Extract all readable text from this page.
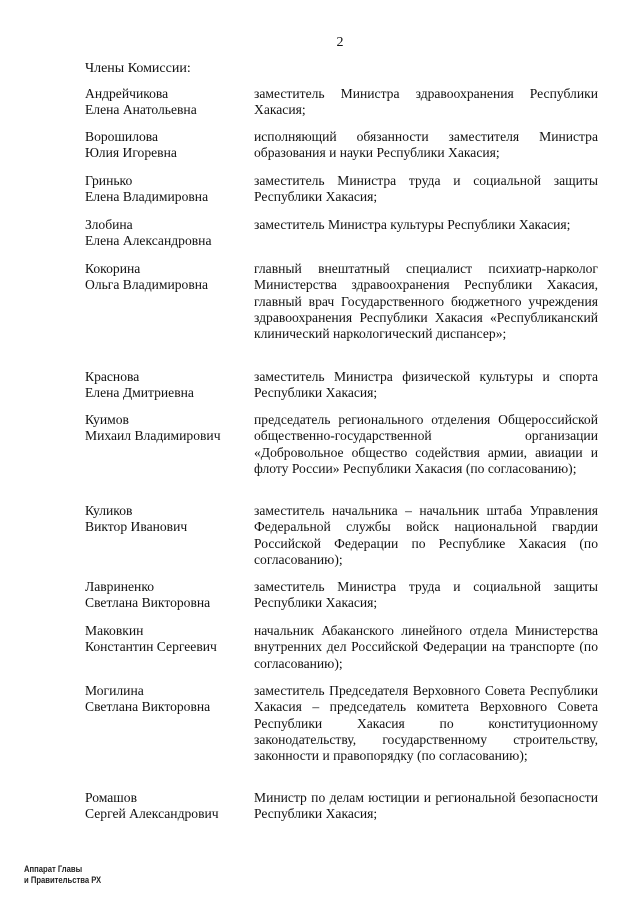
2
Члены Комиссии:
Андрейчикова
Елена Анатольевна
заместитель Министра здравоохранения Республики Хакасия;
Ворошилова
Юлия Игоревна
исполняющий обязанности заместителя Министра образования и науки Республики Хакасия;
Гринько
Елена Владимировна
заместитель Министра труда и социальной защиты Республики Хакасия;
Злобина
Елена Александровна
заместитель Министра культуры Республики Хакасия;
Кокорина
Ольга Владимировна
главный внештатный специалист психиатр-нарколог Министерства здравоохранения Республики Хакасия, главный врач Государственного бюджетного учреждения здравоохранения Республики Хакасия «Республиканский клинический наркологический диспансер»;
Краснова
Елена Дмитриевна
заместитель Министра физической культуры и спорта Республики Хакасия;
Куимов
Михаил Владимирович
председатель регионального отделения Общероссийской общественно-государственной организации «Добровольное общество содействия армии, авиации и флоту России» Республики Хакасия (по согласованию);
Куликов
Виктор Иванович
заместитель начальника – начальник штаба Управления Федеральной службы войск национальной гвардии Российской Федерации по Республике Хакасия (по согласованию);
Лавриненко
Светлана Викторовна
заместитель Министра труда и социальной защиты Республики Хакасия;
Маковкин
Константин Сергеевич
начальник Абаканского линейного отдела Министерства внутренних дел Российской Федерации на транспорте (по согласованию);
Могилина
Светлана Викторовна
заместитель Председателя Верховного Совета Республики Хакасия – председатель комитета Верховного Совета Республики Хакасия по конституционному законодательству, государственному строительству, законности и правопорядку (по согласованию);
Ромашов
Сергей Александрович
Министр по делам юстиции и региональной безопасности Республики Хакасия;
Аппарат Главы
и Правительства РХ
